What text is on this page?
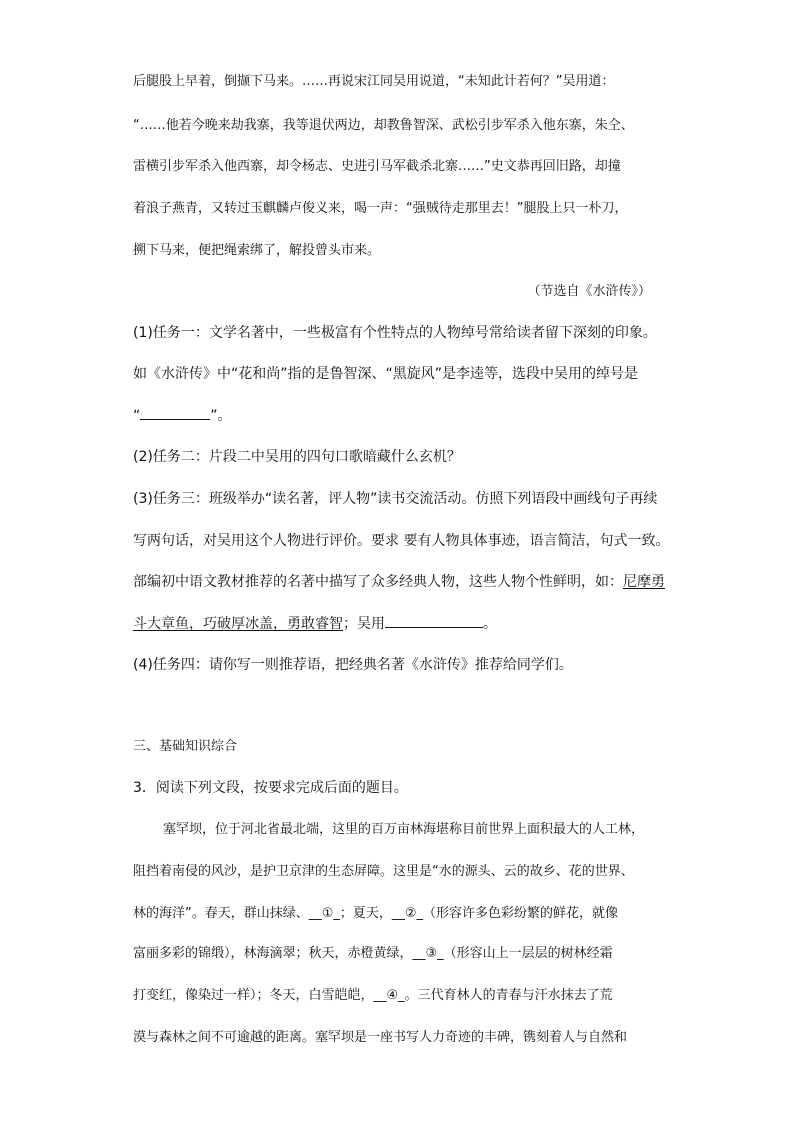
后腿股上早着，倒撷下马来。……再说宋江同吴用说道，“未知此计若何？”吴用道：
“……他若今晚来劫我寨，我等退伏两边，却教鲁智深、武松引步军杀入他东寨，朱仝、
雷横引步军杀入他西寨，却令杨志、史进引马军截杀北寨……”史文恭再回旧路，却撞
着浪子燕青，又转过玉麒麟卢俊义来，喝一声：“强贼待走那里去！”腿股上只一朴刀，
搠下马来，便把绳索绑了，解投曾头市来。
（节选自《水浒传》）
(1)任务一：文学名著中，一些极富有个性特点的人物绰号常给读者留下深刻的印象。
如《水浒传》中“花和尚”指的是鲁智深、“黑旋风”是李逵等，选段中吴用的绰号是
“	”。
(2)任务二：片段二中吴用的四句口歌暗藏什么玄机？
(3)任务三：班级举办“读名著，评人物”读书交流活动。仿照下列语段中画线句子再续
写两句话，对吴用这个人物进行评价。要求 要有人物具体事迹，语言简洁，句式一致。
部编初中语文教材推荐的名著中描写了众多经典人物，这些人物个性鲜明，如：尼摩勇
斗大章鱼，巧破厚冰盖，勇敢睿智；吴用	。
(4)任务四：请你写一则推荐语，把经典名著《水浒传》推荐给同学们。
三、基础知识综合
3．阅读下列文段，按要求完成后面的题目。
塞罕坝，位于河北省最北端，这里的百万亩林海堪称目前世界上面积最大的人工林，
阻挡着南侵的风沙，是护卫京津的生态屏障。这里是“水的源头、云的故乡、花的世界、
林的海洋”。春天，群山抹绿、__①_；夏天，__②_（形容许多色彩纷繁的鲜花，就像
富丽多彩的锦缎），林海滴翠；秋天，赤橙黄绿，__③_（形容山上一层层的树林经霜
打变红，像染过一样）；冬天，白雪皑皑，__④_。三代育林人的青春与汗水抹去了荒
漠与森林之间不可逾越的距离。塞罕坝是一座书写人力奇迹的丰碑，镌刻着人与自然和
